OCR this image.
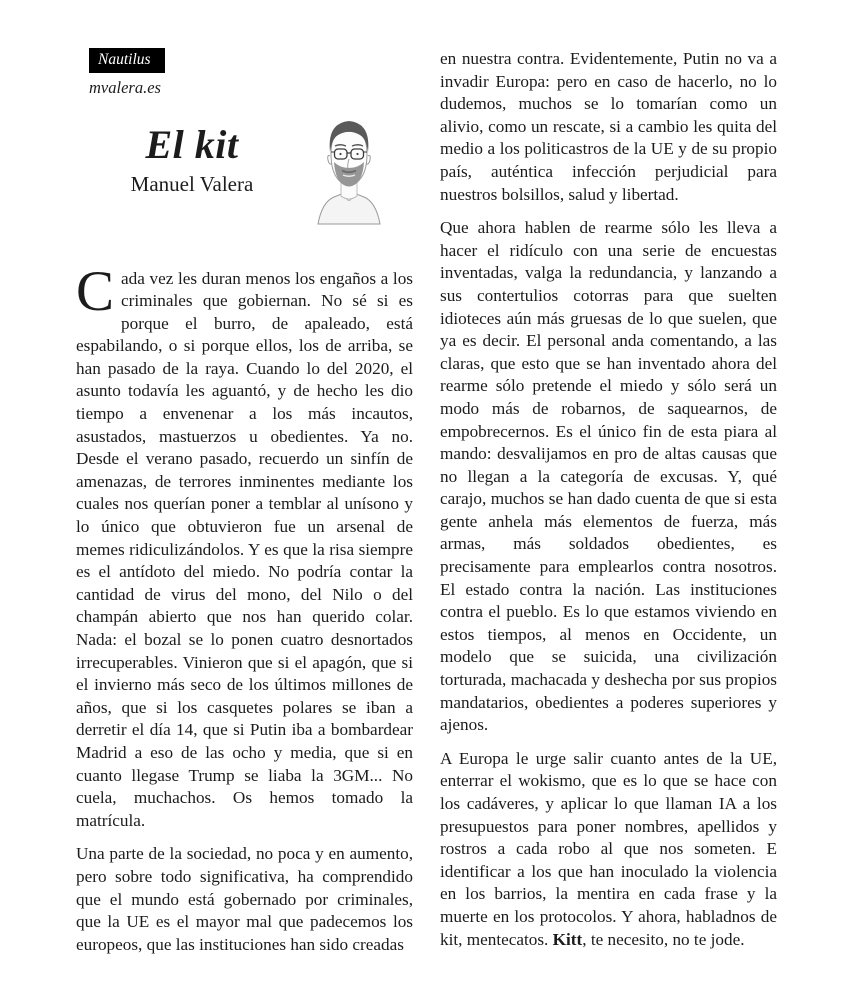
Nautilus
mvalera.es
El kit
Manuel Valera

Cada vez les duran menos los engaños a los criminales que gobiernan. No sé si es porque el burro, de apaleado, está espabilando, o si porque ellos, los de arriba, se han pasado de la raya. Cuando lo del 2020, el asunto todavía les aguantó, y de hecho les dio tiempo a envenenar a los más incautos, asustados, mastuerzos u obedientes. Ya no. Desde el verano pasado, recuerdo un sinfín de amenazas, de terrores inminentes mediante los cuales nos querían poner a temblar al unísono y lo único que obtuvieron fue un arsenal de memes ridiculizándolos. Y es que la risa siempre es el antídoto del miedo. No podría contar la cantidad de virus del mono, del Nilo o del champán abierto que nos han querido colar. Nada: el bozal se lo ponen cuatro desnortados irrecuperables. Vinieron que si el apagón, que si el invierno más seco de los últimos millones de años, que si los casquetes polares se iban a derretir el día 14, que si Putin iba a bombardear Madrid a eso de las ocho y media, que si en cuanto llegase Trump se liaba la 3GM... No cuela, muchachos. Os hemos tomado la matrícula.

Una parte de la sociedad, no poca y en aumento, pero sobre todo significativa, ha comprendido que el mundo está gobernado por criminales, que la UE es el mayor mal que padecemos los europeos, que las instituciones han sido creadas

en nuestra contra. Evidentemente, Putin no va a invadir Europa: pero en caso de hacerlo, no lo dudemos, muchos se lo tomarían como un alivio, como un rescate, si a cambio les quita del medio a los politicastros de la UE y de su propio país, auténtica infección perjudicial para nuestros bolsillos, salud y libertad.

Que ahora hablen de rearme sólo les lleva a hacer el ridículo con una serie de encuestas inventadas, valga la redundancia, y lanzando a sus contertulios cotorras para que suelten idioteces aún más gruesas de lo que suelen, que ya es decir. El personal anda comentando, a las claras, que esto que se han inventado ahora del rearme sólo pretende el miedo y sólo será un modo más de robarnos, de saquearnos, de empobrecernos. Es el único fin de esta piara al mando: desvalijamos en pro de altas causas que no llegan a la categoría de excusas. Y, qué carajo, muchos se han dado cuenta de que si esta gente anhela más elementos de fuerza, más armas, más soldados obedientes, es precisamente para emplearlos contra nosotros. El estado contra la nación. Las instituciones contra el pueblo. Es lo que estamos viviendo en estos tiempos, al menos en Occidente, un modelo que se suicida, una civilización torturada, machacada y deshecha por sus propios mandatarios, obedientes a poderes superiores y ajenos.

A Europa le urge salir cuanto antes de la UE, enterrar el wokismo, que es lo que se hace con los cadáveres, y aplicar lo que llaman IA a los presupuestos para poner nombres, apellidos y rostros a cada robo al que nos someten. E identificar a los que han inoculado la violencia en los barrios, la mentira en cada frase y la muerte en los protocolos. Y ahora, habladnos de kit, mentecatos. Kitt, te necesito, no te jode.
